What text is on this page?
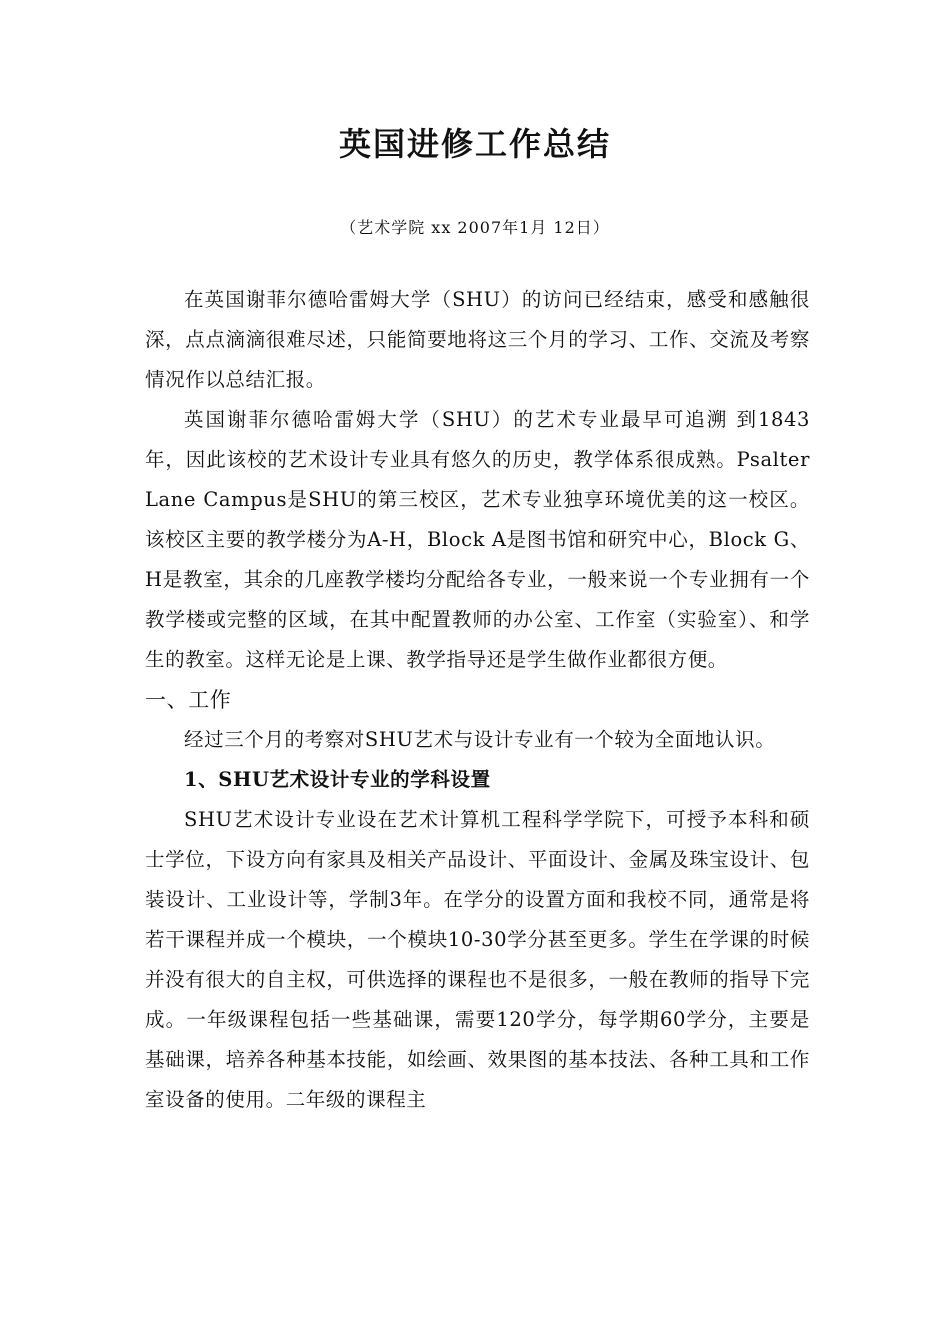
英国进修工作总结
（艺术学院 xx 2007年1月 12日）

在英国谢菲尔德哈雷姆大学（SHU）的访问已经结束，感受和感触很深，点点滴滴很难尽述，只能简要地将这三个月的学习、工作、交流及考察情况作以总结汇报。

英国谢菲尔德哈雷姆大学（SHU）的艺术专业最早可追溯 到1843年，因此该校的艺术设计专业具有悠久的历史，教学体系很成熟。Psalter Lane Campus是SHU的第三校区，艺术专业独享环境优美的这一校区。该校区主要的教学楼分为A-H，Block A是图书馆和研究中心，Block G、H是教室，其余的几座教学楼均分配给各专业，一般来说一个专业拥有一个教学楼或完整的区域，在其中配置教师的办公室、工作室（实验室）、和学生的教室。这样无论是上课、教学指导还是学生做作业都很方便。

一、工作

经过三个月的考察对SHU艺术与设计专业有一个较为全面地认识。

1、SHU艺术设计专业的学科设置

SHU艺术设计专业设在艺术计算机工程科学学院下，可授予本科和硕士学位，下设方向有家具及相关产品设计、平面设计、金属及珠宝设计、包装设计、工业设计等，学制3年。在学分的设置方面和我校不同，通常是将若干课程并成一个模块，一个模块10-30学分甚至更多。学生在学课的时候并没有很大的自主权，可供选择的课程也不是很多，一般在教师的指导下完成。一年级课程包括一些基础课，需要120学分，每学期60学分，主要是基础课，培养各种基本技能，如绘画、效果图的基本技法、各种工具和工作室设备的使用。二年级的课程主
